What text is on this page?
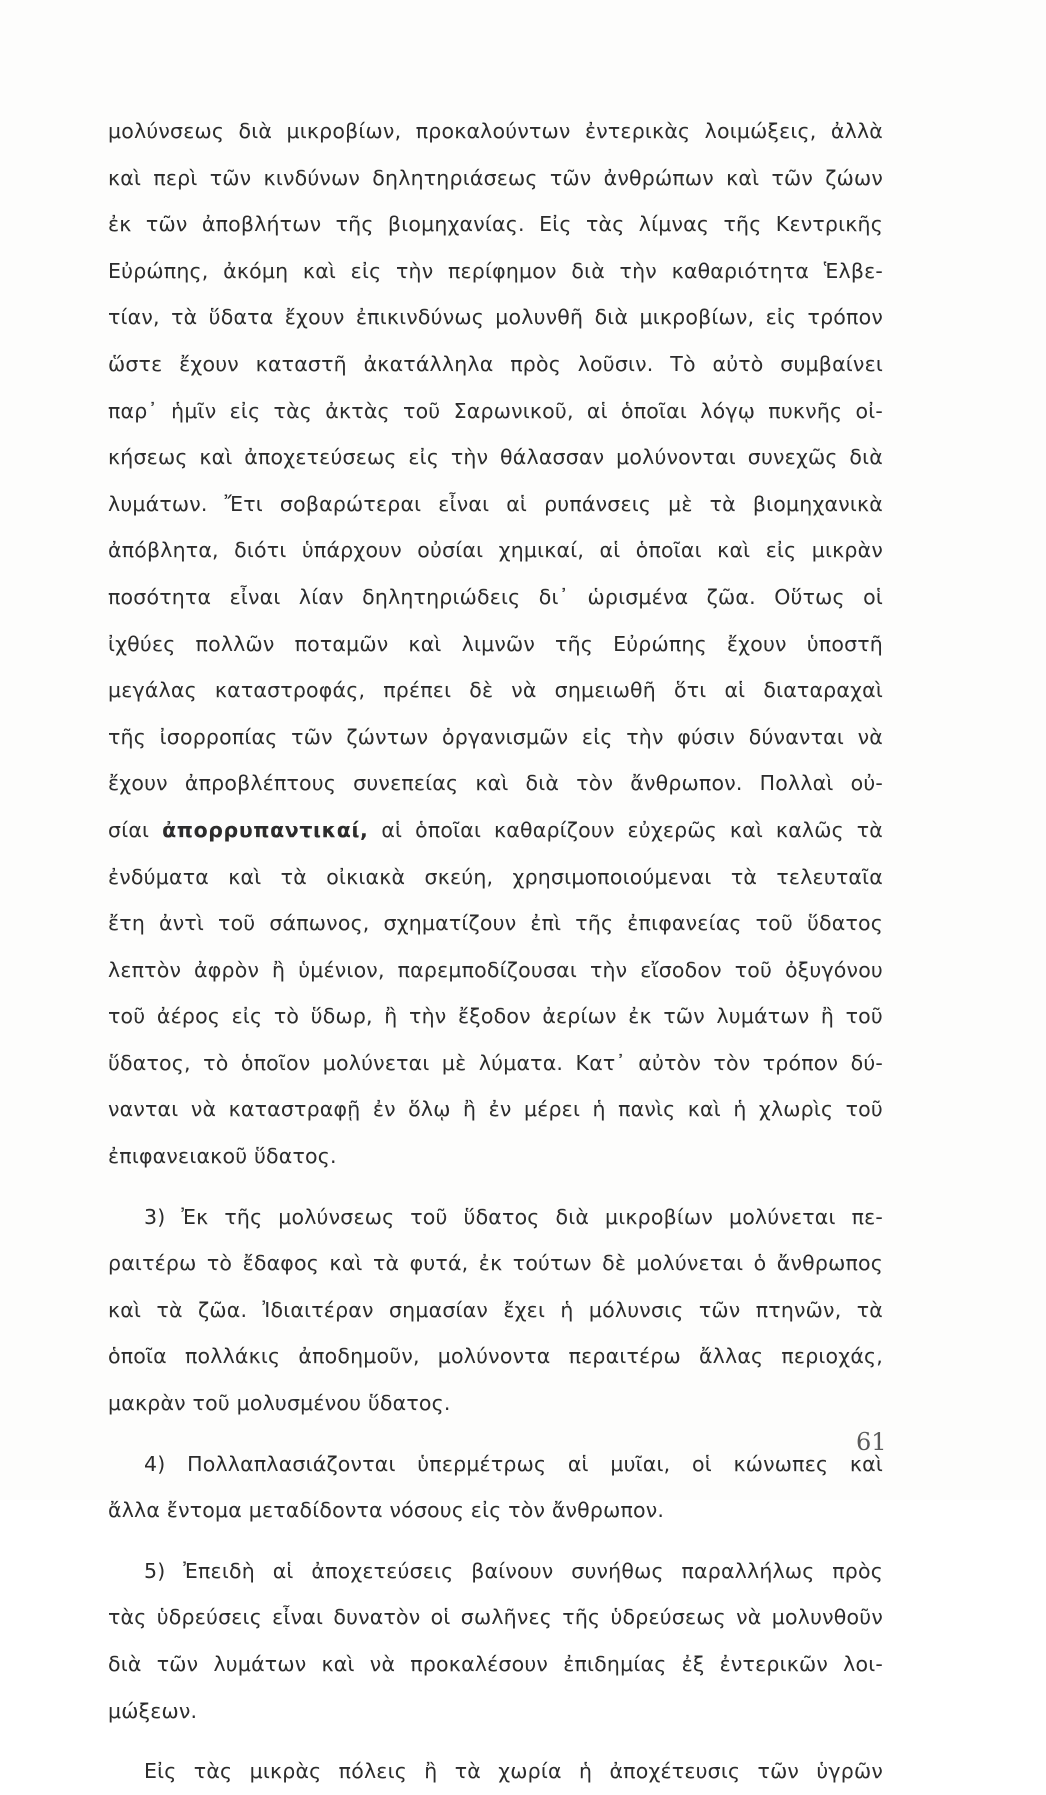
μολύνσεως διὰ μικροβίων, προκαλούντων ἐντερικὰς λοιμώξεις, ἀλλὰ
καὶ περὶ τῶν κινδύνων δηλητηριάσεως τῶν ἀνθρώπων καὶ τῶν ζώων
ἐκ τῶν ἀποβλήτων τῆς βιομηχανίας. Εἰς τὰς λίμνας τῆς Κεντρικῆς
Εὐρώπης, ἀκόμη καὶ εἰς τὴν περίφημον διὰ τὴν καθαριότητα Ἑλβε-
τίαν, τὰ ὕδατα ἔχουν ἐπικινδύνως μολυνθῆ διὰ μικροβίων, εἰς τρόπον
ὥστε ἔχουν καταστῆ ἀκατάλληλα πρὸς λοῦσιν. Τὸ αὐτὸ συμβαίνει
παρ᾽ ἡμῖν εἰς τὰς ἀκτὰς τοῦ Σαρωνικοῦ, αἱ ὁποῖαι λόγῳ πυκνῆς οἰ-
κήσεως καὶ ἀποχετεύσεως εἰς τὴν θάλασσαν μολύνονται συνεχῶς διὰ
λυμάτων. Ἔτι σοβαρώτεραι εἶναι αἱ ρυπάνσεις μὲ τὰ βιομηχανικὰ
ἀπόβλητα, διότι ὑπάρχουν οὐσίαι χημικαί, αἱ ὁποῖαι καὶ εἰς μικρὰν
ποσότητα εἶναι λίαν δηλητηριώδεις δι᾽ ὡρισμένα ζῶα. Οὕτως οἱ
ἰχθύες πολλῶν ποταμῶν καὶ λιμνῶν τῆς Εὐρώπης ἔχουν ὑποστῆ
μεγάλας καταστροφάς, πρέπει δὲ νὰ σημειωθῆ ὅτι αἱ διαταραχαὶ
τῆς ἰσορροπίας τῶν ζώντων ὀργανισμῶν εἰς τὴν φύσιν δύνανται νὰ
ἔχουν ἀπροβλέπτους συνεπείας καὶ διὰ τὸν ἄνθρωπον. Πολλαὶ οὐ-
σίαι ἀπορρυπαντικαί, αἱ ὁποῖαι καθαρίζουν εὐχερῶς καὶ καλῶς τὰ
ἐνδύματα καὶ τὰ οἰκιακὰ σκεύη, χρησιμοποιούμεναι τὰ τελευταῖα
ἔτη ἀντὶ τοῦ σάπωνος, σχηματίζουν ἐπὶ τῆς ἐπιφανείας τοῦ ὕδατος
λεπτὸν ἀφρὸν ἢ ὑμένιον, παρεμποδίζουσαι τὴν εἴσοδον τοῦ ὀξυγόνου
τοῦ ἀέρος εἰς τὸ ὕδωρ, ἢ τὴν ἔξοδον ἀερίων ἐκ τῶν λυμάτων ἢ τοῦ
ὕδατος, τὸ ὁποῖον μολύνεται μὲ λύματα. Κατ᾽ αὐτὸν τὸν τρόπον δύ-
νανται νὰ καταστραφῇ ἐν ὅλῳ ἢ ἐν μέρει ἡ πανὶς καὶ ἡ χλωρὶς τοῦ
ἐπιφανειακοῦ ὕδατος.
3) Ἐκ τῆς μολύνσεως τοῦ ὕδατος διὰ μικροβίων μολύνεται πε-
ραιτέρω τὸ ἔδαφος καὶ τὰ φυτά, ἐκ τούτων δὲ μολύνεται ὁ ἄνθρωπος
καὶ τὰ ζῶα. Ἰδιαιτέραν σημασίαν ἔχει ἡ μόλυνσις τῶν πτηνῶν, τὰ
ὁποῖα πολλάκις ἀποδημοῦν, μολύνοντα περαιτέρω ἄλλας περιοχάς,
μακρὰν τοῦ μολυσμένου ὕδατος.
4) Πολλαπλασιάζονται ὑπερμέτρως αἱ μυῖαι, οἱ κώνωπες καὶ
ἄλλα ἔντομα μεταδίδοντα νόσους εἰς τὸν ἄνθρωπον.
5) Ἐπειδὴ αἱ ἀποχετεύσεις βαίνουν συνήθως παραλλήλως πρὸς
τὰς ὑδρεύσεις εἶναι δυνατὸν οἱ σωλῆνες τῆς ὑδρεύσεως νὰ μολυνθοῦν
διὰ τῶν λυμάτων καὶ νὰ προκαλέσουν ἐπιδημίας ἐξ ἐντερικῶν λοι-
μώξεων.
Εἰς τὰς μικρὰς πόλεις ἢ τὰ χωρία ἡ ἀποχέτευσις τῶν ὑγρῶν
61
